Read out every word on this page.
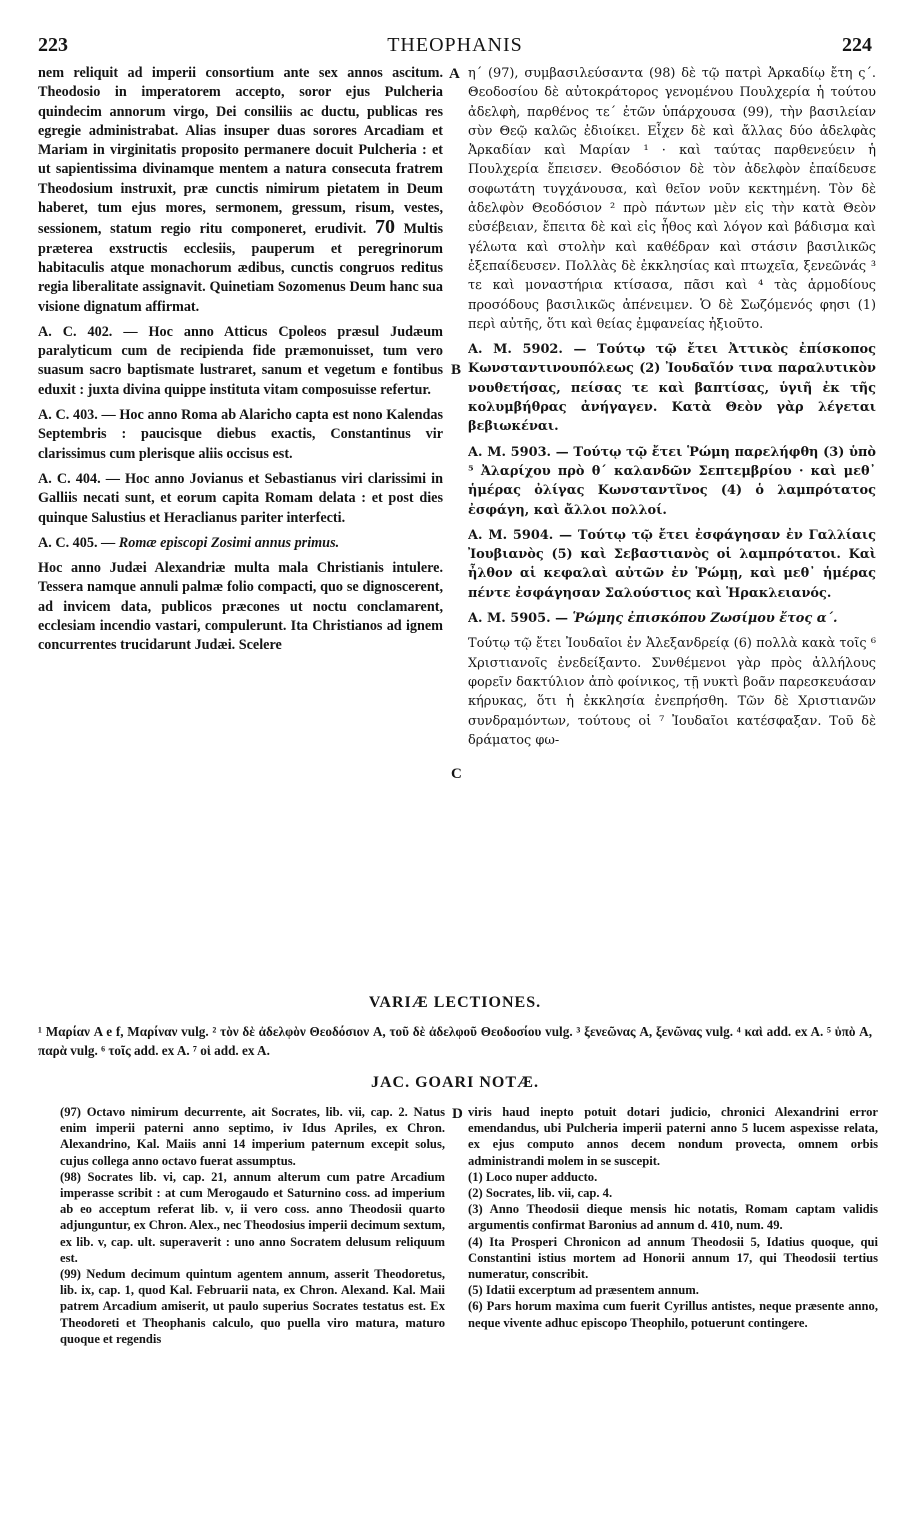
223	THEOPHANIS	224

nem reliquit ad imperii consortium ante sex annos ascitum. Theodosio in imperatorem accepto, soror ejus Pulcheria quindecim annorum virgo, Dei consiliis ac ductu, publicas res egregie administrabat. Alias insuper duas sorores Arcadiam et Mariam in virginitatis proposito permanere docuit Pulcheria : et ut sapientissima divinamque mentem a natura consecuta fratrem Theodosium instruxit, præ cunctis nimirum pietatem in Deum haberet, tum ejus mores, sermonem, gressum, risum, vestes, sessionem, statum regio ritu componeret, erudivit. 70 Multis præterea exstructis ecclesiis, pauperum et peregrinorum habitaculis atque monachorum ædibus, cunctis congruos reditus regia liberalitate assignavit. Quinetiam Sozomenus Deum hanc sua visione dignatum affirmat.

A. C. 402. — Hoc anno Atticus Cpoleos præsul Judæum paralyticum cum de recipienda fide præmonuisset, tum vero suasum sacro baptismate lustraret, sanum et vegetum e fontibus eduxit : juxta divina quippe instituta vitam composuisse refertur.

A. C. 403. — Hoc anno Roma ab Alaricho capta est nono Kalendas Septembris : paucisque diebus exactis, Constantinus vir clarissimus cum plerisque aliis occisus est.

A. C. 404. — Hoc anno Jovianus et Sebastianus viri clarissimi in Galliis necati sunt, et eorum capita Romam delata : et post dies quinque Salustius et Heraclianus pariter interfecti.

A. C. 405. — Romæ episcopi Zosimi annus primus.

Hoc anno Judæi Alexandriæ multa mala Christianis intulere. Tessera namque annuli palmæ folio compacti, quo se dignoscerent, ad invicem data, publicos præcones ut noctu conclamarent, ecclesiam incendio vastari, compulerunt. Ita Christianos ad ignem concurrentes trucidarunt Judæi. Scelere

A
B
C

η´ (97), συμβασιλεύσαντα (98) δὲ τῷ πατρὶ Ἀρκαδίῳ ἔτη ς´. Θεοδοσίου δὲ αὐτοκράτορος γενομένου Πουλχερία ἡ τούτου ἀδελφὴ, παρθένος τε´ ἐτῶν ὑπάρχουσα (99), τὴν βασιλείαν σὺν Θεῷ καλῶς ἐδιοίκει. Εἶχεν δὲ καὶ ἄλλας δύο ἀδελφὰς Ἀρκαδίαν καὶ Μαρίαν ¹ · καὶ ταύτας παρθενεύειν ἡ Πουλχερία ἔπεισεν. Θεοδόσιον δὲ τὸν ἀδελφὸν ἐπαίδευσε σοφωτάτη τυγχάνουσα, καὶ θεῖον νοῦν κεκτημένη. Τὸν δὲ ἀδελφὸν Θεοδόσιον ² πρὸ πάντων μὲν εἰς τὴν κατὰ Θεὸν εὐσέβειαν, ἔπειτα δὲ καὶ εἰς ἦθος καὶ λόγον καὶ βάδισμα καὶ γέλωτα καὶ στολὴν καὶ καθέδραν καὶ στάσιν βασιλικῶς ἐξεπαίδευσεν. Πολλὰς δὲ ἐκκλησίας καὶ πτωχεῖα, ξενεῶνάς ³ τε καὶ μοναστήρια κτίσασα, πᾶσι καὶ ⁴ τὰς ἁρμοδίους προσόδους βασιλικῶς ἀπένειμεν. Ὁ δὲ Σωζόμενός φησι (1) περὶ αὐτῆς, ὅτι καὶ θείας ἐμφανείας ἠξιοῦτο.

A. M. 5902. — Τούτῳ τῷ ἔτει Ἀττικὸς ἐπίσκοπος Κωνσταντινουπόλεως (2) Ἰουδαῖόν τινα παραλυτικὸν νουθετήσας, πείσας τε καὶ βαπτίσας, ὑγιῆ ἐκ τῆς κολυμβήθρας ἀνήγαγεν. Κατὰ Θεὸν γὰρ λέγεται βεβιωκέναι.

A. M. 5903. — Τούτῳ τῷ ἔτει Ῥώμη παρελήφθη (3) ὑπὸ ⁵ Ἀλαρίχου πρὸ θ´ καλανδῶν Σεπτεμβρίου · καὶ μεθ᾽ ἡμέρας ὀλίγας Κωνσταντῖνος (4) ὁ λαμπρότατος ἐσφάγη, καὶ ἄλλοι πολλοί.

A. M. 5904. — Τούτῳ τῷ ἔτει ἐσφάγησαν ἐν Γαλλίαις Ἰουβιανὸς (5) καὶ Σεβαστιανὸς οἱ λαμπρότατοι. Καὶ ἦλθον αἱ κεφαλαὶ αὐτῶν ἐν Ῥώμῃ, καὶ μεθ᾽ ἡμέρας πέντε ἐσφάγησαν Σαλούστιος καὶ Ἡρακλειανός.

A. M. 5905. — Ῥώμης ἐπισκόπου Ζωσίμου ἔτος α´.

Τούτῳ τῷ ἔτει Ἰουδαῖοι ἐν Ἀλεξανδρείᾳ (6) πολλὰ κακὰ τοῖς ⁶ Χριστιανοῖς ἐνεδείξαντο. Συνθέμενοι γὰρ πρὸς ἀλλήλους φορεῖν δακτύλιον ἀπὸ φοίνικος, τῇ νυκτὶ βοᾶν παρεσκευάσαν κήρυκας, ὅτι ἡ ἐκκλησία ἐνεπρήσθη. Τῶν δὲ Χριστιανῶν συνδραμόντων, τούτους οἱ ⁷ Ἰουδαῖοι κατέσφαξαν. Τοῦ δὲ δράματος φω-

VARIÆ LECTIONES.
¹ Μαρίαν A e f, Μαρίναν vulg. ² τὸν δὲ ἀδελφὸν Θεοδόσιον A, τοῦ δὲ ἀδελφοῦ Θεοδοσίου vulg. ³ ξενεῶνας A, ξενῶνας vulg. ⁴ καὶ add. ex A. ⁵ ὑπὸ A, παρὰ vulg. ⁶ τοῖς add. ex A. ⁷ οἱ add. ex A.
JAC. GOARI NOTÆ.
D

(97) Octavo nimirum decurrente, ait Socrates, lib. vii, cap. 2. Natus enim imperii paterni anno septimo, iv Idus Apriles, ex Chron. Alexandrino, Kal. Maiis anni 14 imperium paternum excepit solus, cujus collega anno octavo fuerat assumptus.

(98) Socrates lib. vi, cap. 21, annum alterum cum patre Arcadium imperasse scribit : at cum Merogaudo et Saturnino coss. ad imperium ab eo acceptum referat lib. v, ii vero coss. anno Theodosii quarto adjunguntur, ex Chron. Alex., nec Theodosius imperii decimum sextum, ex lib. v, cap. ult. superaverit : uno anno Socratem delusum reliquum est.

(99) Nedum decimum quintum agentem annum, asserit Theodoretus, lib. ix, cap. 1, quod Kal. Februarii nata, ex Chron. Alexand. Kal. Maii patrem Arcadium amiserit, ut paulo superius Socrates testatus est. Ex Theodoreti et Theophanis calculo, quo puella viro matura, maturo quoque et regendis

viris haud inepto potuit dotari judicio, chronici Alexandrini error emendandus, ubi Pulcheria imperii paterni anno 5 lucem aspexisse relata, ex ejus computo annos decem nondum provecta, omnem orbis administrandi molem in se suscepit.

(1) Loco nuper adducto.

(2) Socrates, lib. vii, cap. 4.

(3) Anno Theodosii dieque mensis hic notatis, Romam captam validis argumentis confirmat Baronius ad annum d. 410, num. 49.

(4) Ita Prosperi Chronicon ad annum Theodosii 5, Idatius quoque, qui Constantini istius mortem ad Honorii annum 17, qui Theodosii tertius numeratur, conscribit.

(5) Idatii excerptum ad præsentem annum.

(6) Pars horum maxima cum fuerit Cyrillus antistes, neque præsente anno, neque vivente adhuc episcopo Theophilo, potuerunt contingere.
